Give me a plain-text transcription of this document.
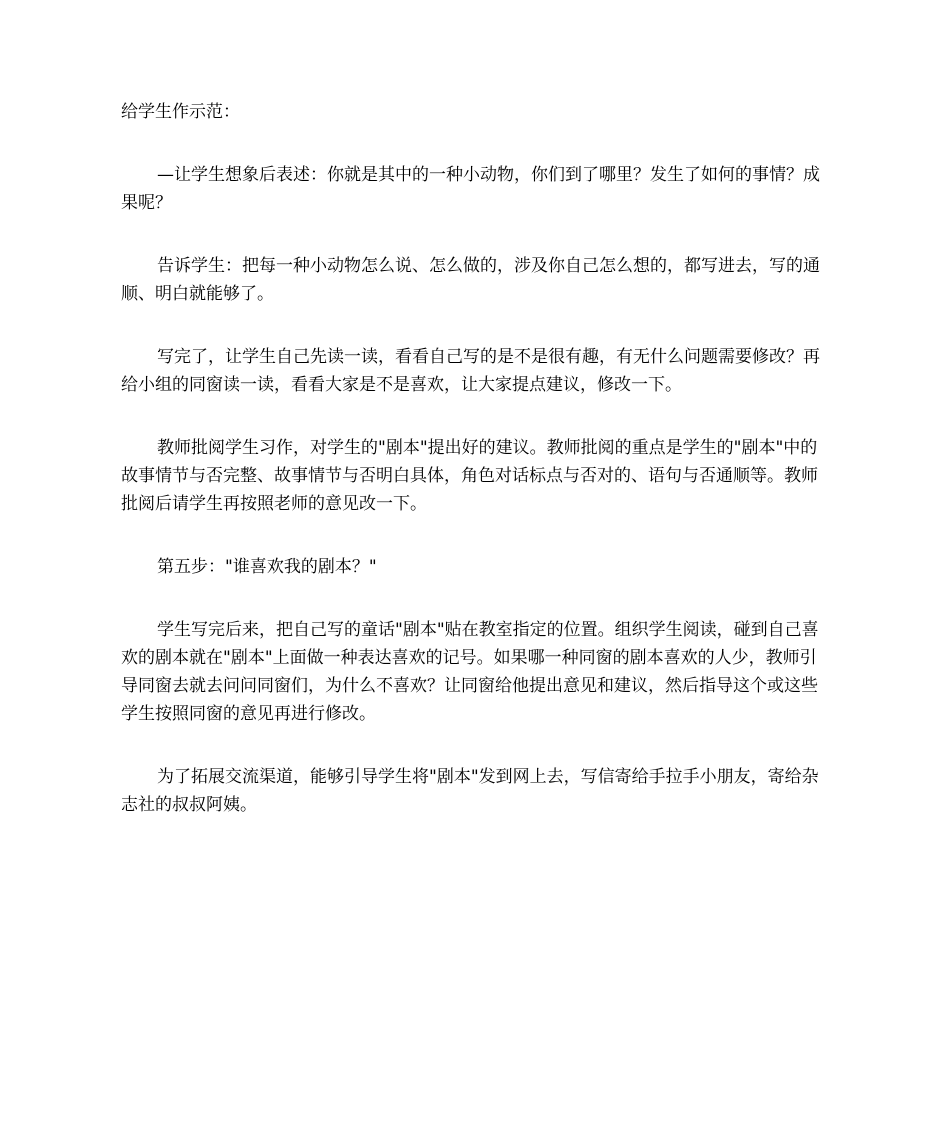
给学生作示范：

—让学生想象后表述：你就是其中的一种小动物，你们到了哪里？发生了如何的事情？成果呢？

告诉学生：把每一种小动物怎么说、怎么做的，涉及你自己怎么想的，都写进去，写的通顺、明白就能够了。

写完了，让学生自己先读一读，看看自己写的是不是很有趣，有无什么问题需要修改？再给小组的同窗读一读，看看大家是不是喜欢，让大家提点建议，修改一下。

教师批阅学生习作，对学生的"剧本"提出好的建议。教师批阅的重点是学生的"剧本"中的故事情节与否完整、故事情节与否明白具体，角色对话标点与否对的、语句与否通顺等。教师批阅后请学生再按照老师的意见改一下。

第五步："谁喜欢我的剧本？"

学生写完后来，把自己写的童话"剧本"贴在教室指定的位置。组织学生阅读，碰到自己喜欢的剧本就在"剧本"上面做一种表达喜欢的记号。如果哪一种同窗的剧本喜欢的人少，教师引导同窗去就去问问同窗们，为什么不喜欢？让同窗给他提出意见和建议，然后指导这个或这些学生按照同窗的意见再进行修改。

为了拓展交流渠道，能够引导学生将"剧本"发到网上去，写信寄给手拉手小朋友，寄给杂志社的叔叔阿姨。
